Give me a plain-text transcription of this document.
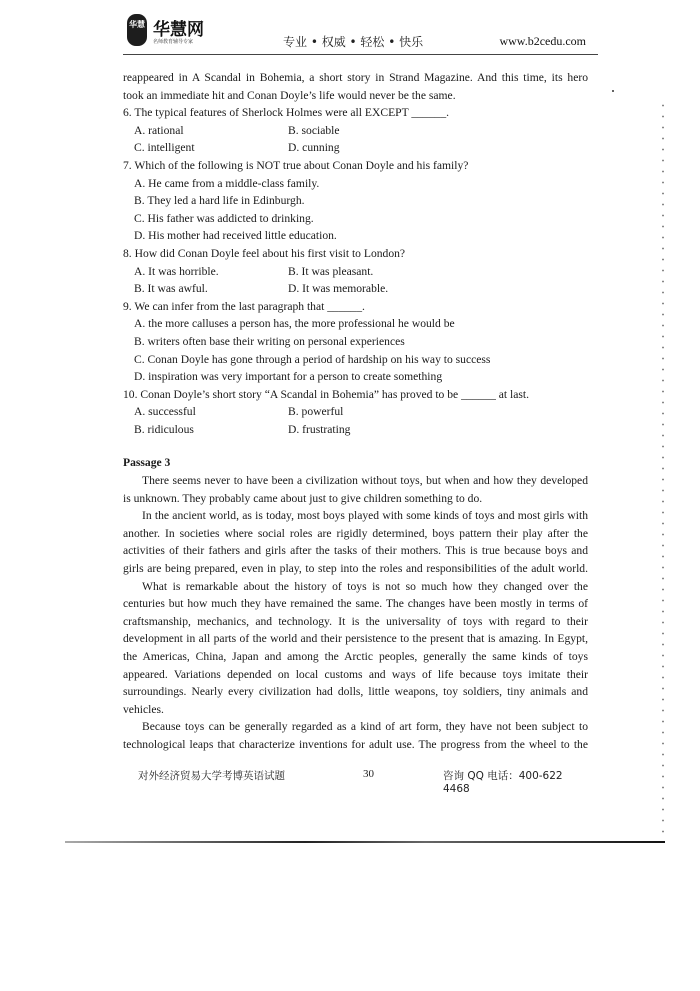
华慧 华慧网
名师教育辅导专家	专业 • 权威 • 轻松 • 快乐	www.b2cedu.com
reappeared in A Scandal in Bohemia, a short story in Strand Magazine. And this time, its hero
took an immediate hit and Conan Doyle’s life would never be the same.
6. The typical features of Sherlock Holmes were all EXCEPT ______.
A. rational	B. sociable
C. intelligent	D. cunning
7. Which of the following is NOT true about Conan Doyle and his family?
A. He came from a middle-class family.
B. They led a hard life in Edinburgh.
C. His father was addicted to drinking.
D. His mother had received little education.
8. How did Conan Doyle feel about his first visit to London?
A. It was horrible.	B. It was pleasant.
B. It was awful.	D. It was memorable.
9. We can infer from the last paragraph that ______.
A. the more calluses a person has, the more professional he would be
B. writers often base their writing on personal experiences
C. Conan Doyle has gone through a period of hardship on his way to success
D. inspiration was very important for a person to create something
10. Conan Doyle’s short story “A Scandal in Bohemia” has proved to be ______ at last.
A. successful	B. powerful
B. ridiculous	D. frustrating
Passage 3
There seems never to have been a civilization without toys, but when and how they developed
is unknown. They probably came about just to give children something to do.
In the ancient world, as is today, most boys played with some kinds of toys and most girls with
another. In societies where social roles are rigidly determined, boys pattern their play after the
activities of their fathers and girls after the tasks of their mothers. This is true because boys and
girls are being prepared, even in play, to step into the roles and responsibilities of the adult world.
What is remarkable about the history of toys is not so much how they changed over the
centuries but how much they have remained the same. The changes have been mostly in terms of
craftsmanship, mechanics, and technology. It is the universality of toys with regard to their
development in all parts of the world and their persistence to the present that is amazing. In Egypt,
the Americas, China, Japan and among the Arctic peoples, generally the same kinds of toys
appeared. Variations depended on local customs and ways of life because toys imitate their
surroundings. Nearly every civilization had dolls, little weapons, toy soldiers, tiny animals and
vehicles.
Because toys can be generally regarded as a kind of art form, they have not been subject to
technological leaps that characterize inventions for adult use. The progress from the wheel to the
对外经济贸易大学考博英语试题	30	咨询 QQ 电话：400-622 4468
